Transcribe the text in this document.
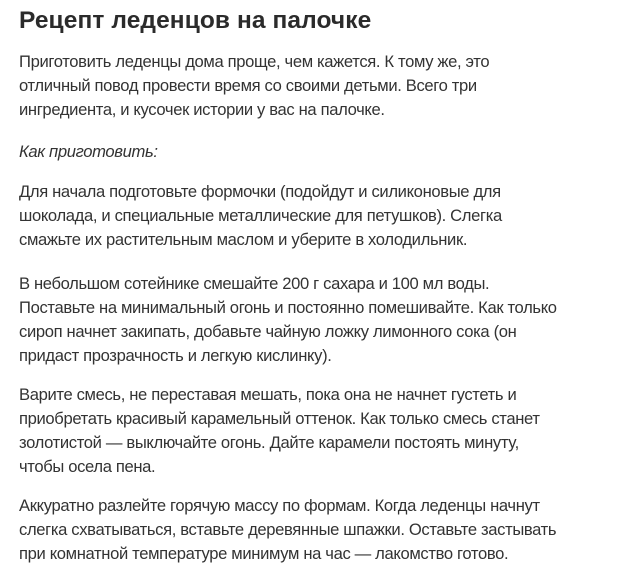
Рецепт леденцов на палочке

Приготовить леденцы дома проще, чем кажется. К тому же, это
отличный повод провести время со своими детьми. Всего три
ингредиента, и кусочек истории у вас на палочке.

Как приготовить:

Для начала подготовьте формочки (подойдут и силиконовые для
шоколада, и специальные металлические для петушков). Слегка
смажьте их растительным маслом и уберите в холодильник.

В небольшом сотейнике смешайте 200 г сахара и 100 мл воды.
Поставьте на минимальный огонь и постоянно помешивайте. Как только
сироп начнет закипать, добавьте чайную ложку лимонного сока (он
придаст прозрачность и легкую кислинку).

Варите смесь, не переставая мешать, пока она не начнет густеть и
приобретать красивый карамельный оттенок. Как только смесь станет
золотистой — выключайте огонь. Дайте карамели постоять минуту,
чтобы осела пена.

Аккуратно разлейте горячую массу по формам. Когда леденцы начнут
слегка схватываться, вставьте деревянные шпажки. Оставьте застывать
при комнатной температуре минимум на час — лакомство готово.
